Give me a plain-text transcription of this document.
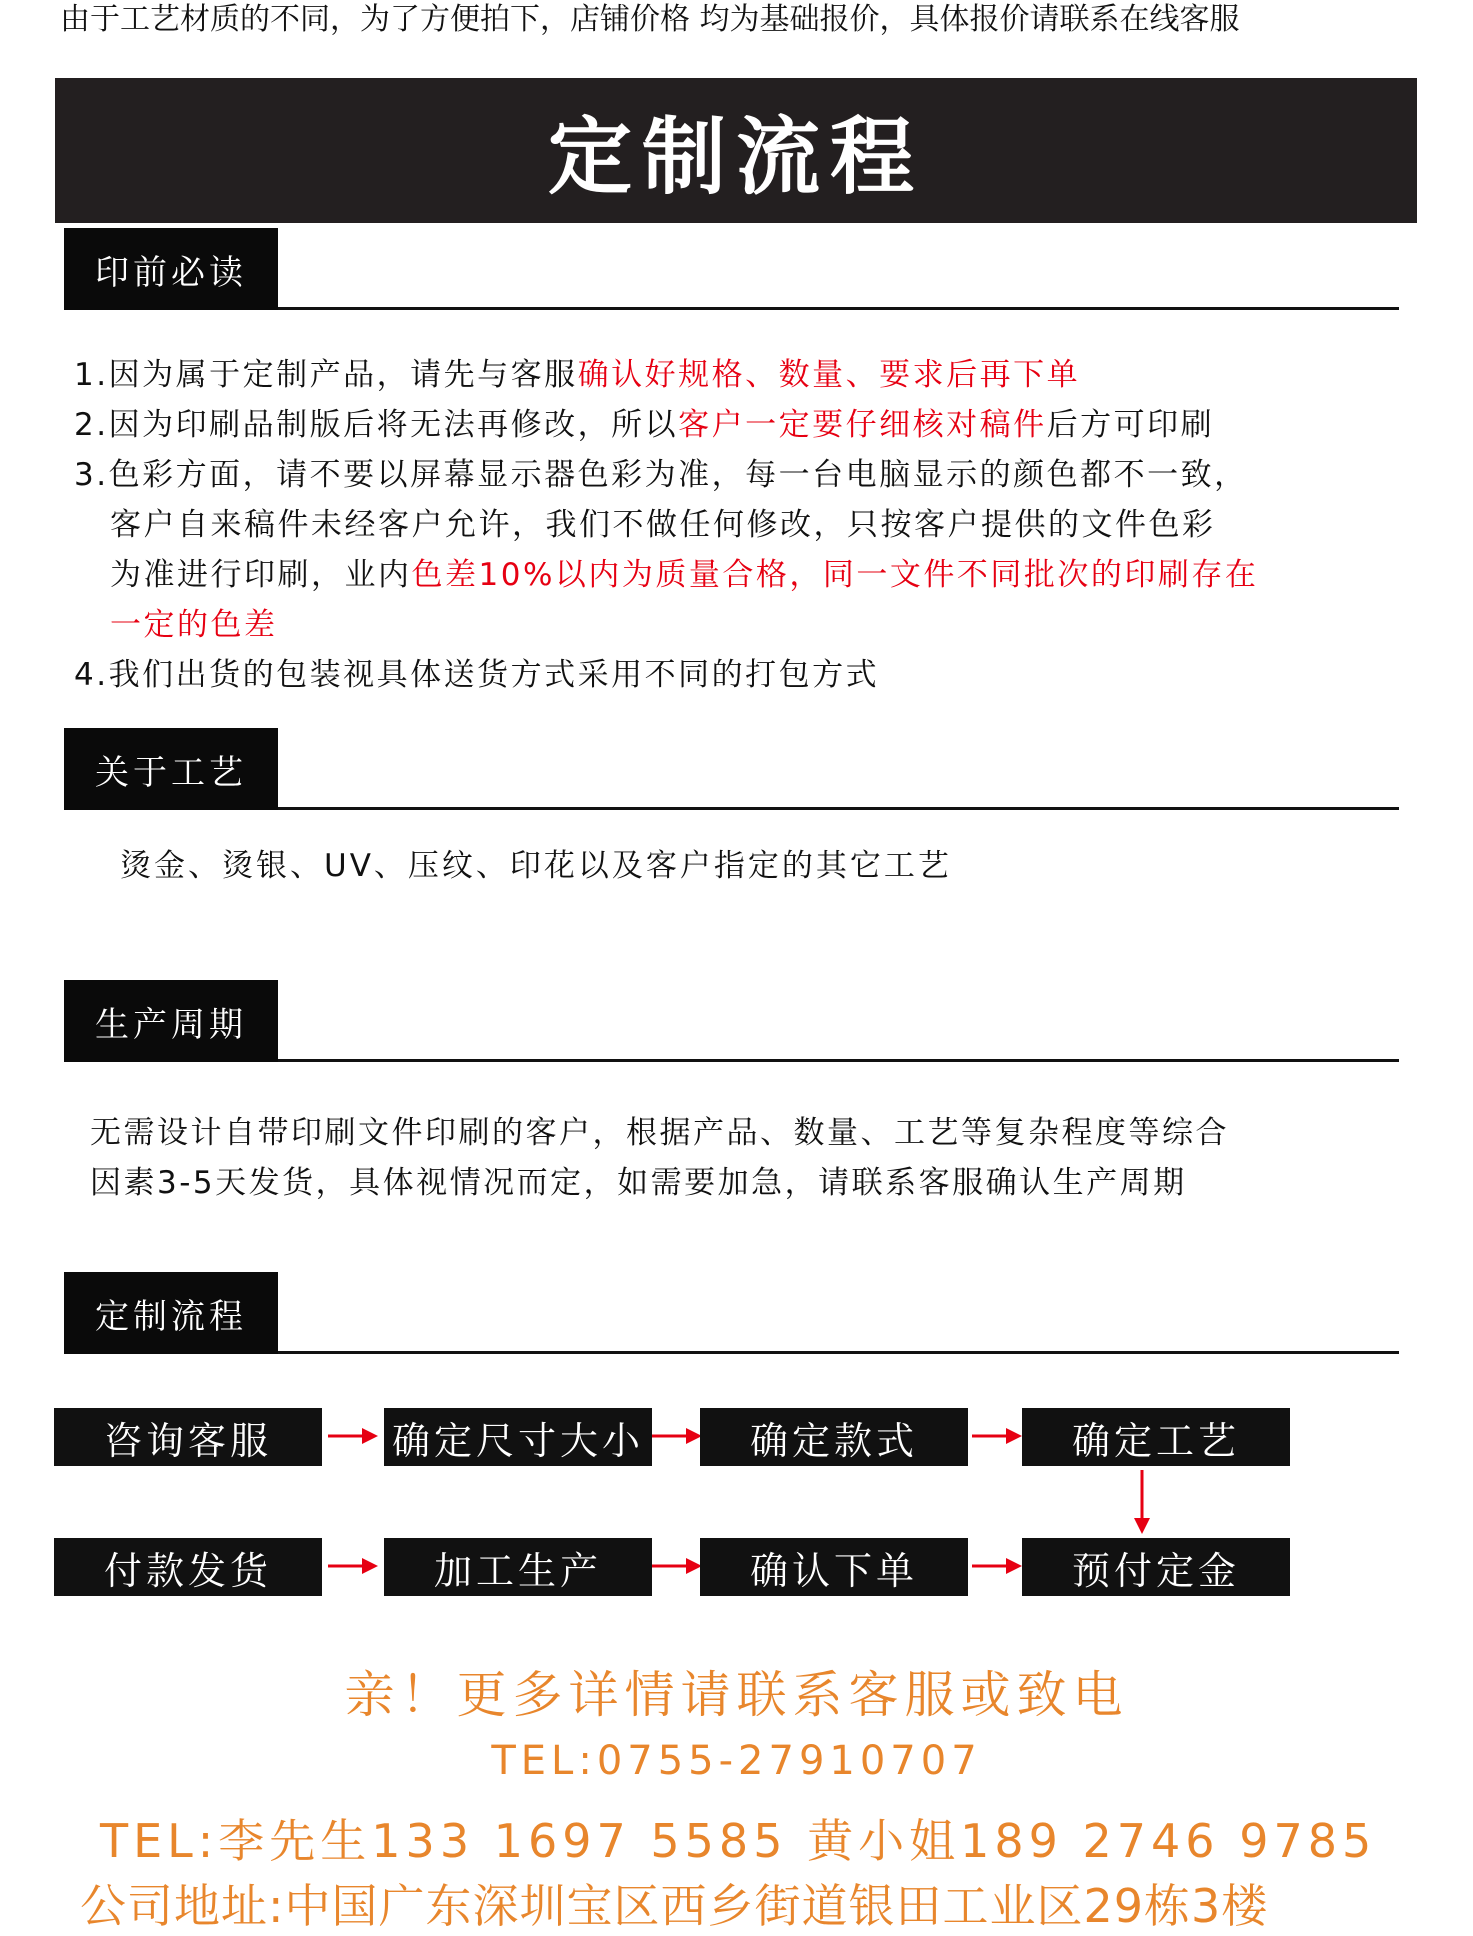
由于工艺材质的不同，为了方便拍下，店铺价格 均为基础报价，具体报价请联系在线客服
定制流程
印前必读
1.因为属于定制产品，请先与客服确认好规格、数量、要求后再下单
2.因为印刷品制版后将无法再修改，所以客户一定要仔细核对稿件后方可印刷
3.色彩方面，请不要以屏幕显示器色彩为准，每一台电脑显示的颜色都不一致，
客户自来稿件未经客户允许，我们不做任何修改，只按客户提供的文件色彩
为准进行印刷，业内色差10%以内为质量合格，同一文件不同批次的印刷存在
一定的色差
4.我们出货的包装视具体送货方式采用不同的打包方式
关于工艺
烫金、烫银、UV、压纹、印花以及客户指定的其它工艺
生产周期
无需设计自带印刷文件印刷的客户，根据产品、数量、工艺等复杂程度等综合
因素3-5天发货，具体视情况而定，如需要加急，请联系客服确认生产周期
定制流程
咨询客服	确定尺寸大小	确定款式	确定工艺
付款发货	加工生产	确认下单	预付定金
亲！更多详情请联系客服或致电
TEL:0755-27910707
TEL:李先生133 1697 5585 黄小姐189 2746 9785
公司地址:中国广东深圳宝区西乡街道银田工业区29栋3楼
